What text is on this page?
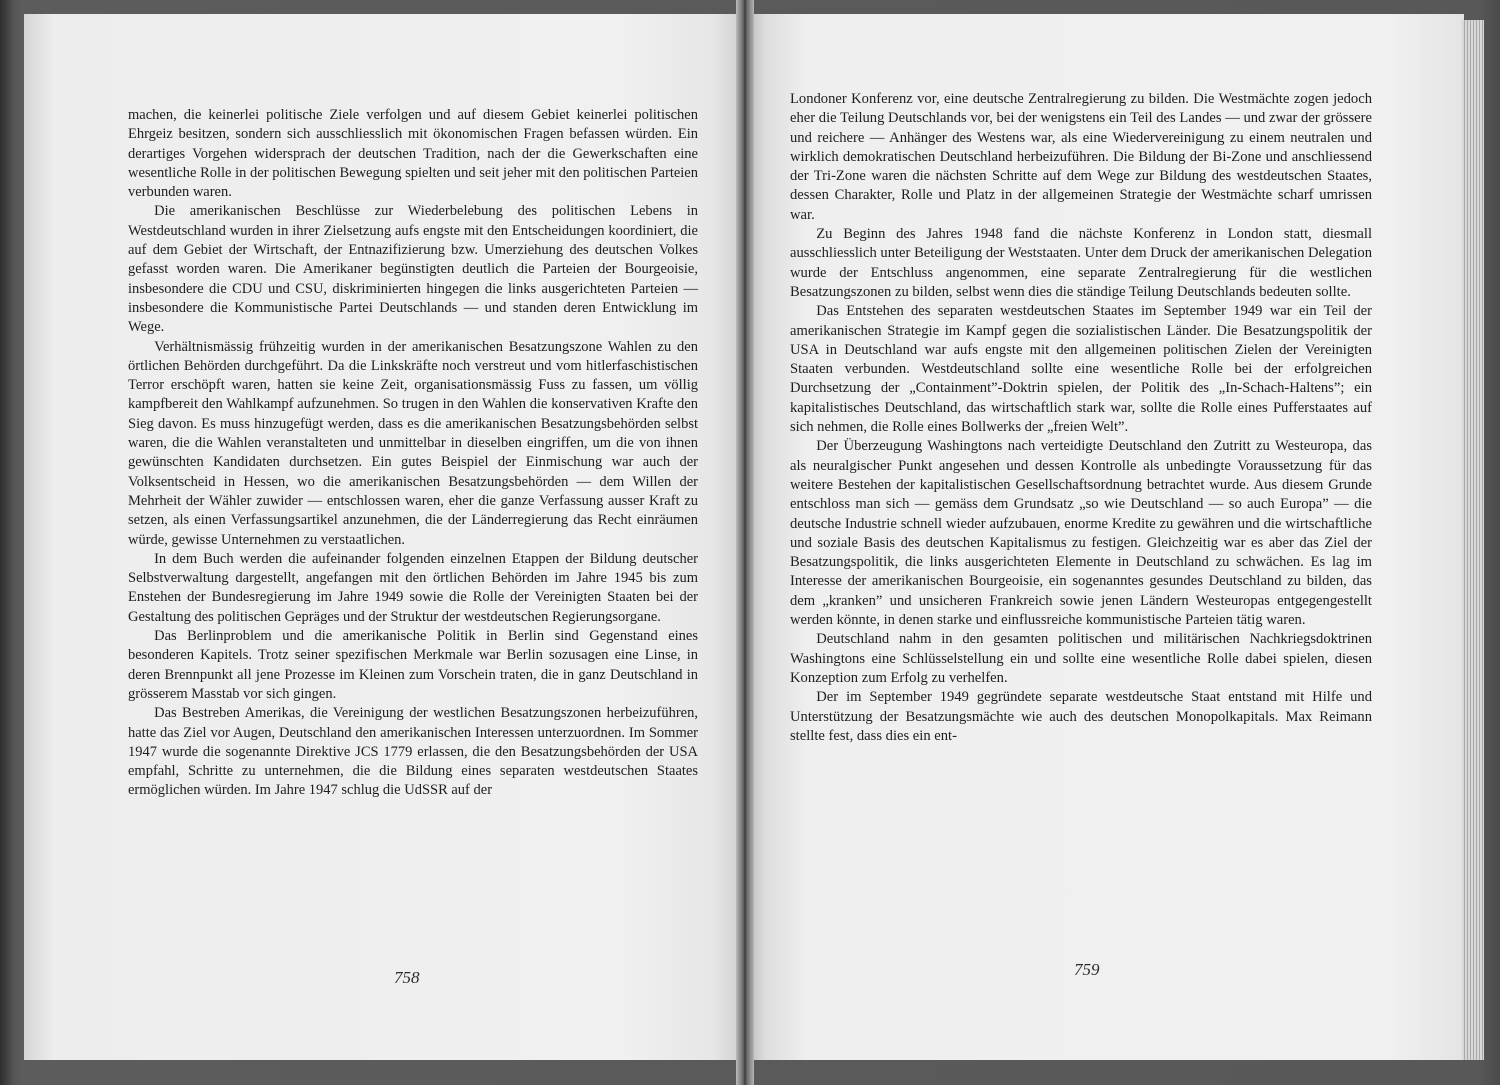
machen, die keinerlei politische Ziele verfolgen und auf diesem Gebiet keinerlei politischen Ehrgeiz besitzen, sondern sich ausschliesslich mit ökonomischen Fragen befassen würden. Ein derartiges Vorgehen widersprach der deutschen Tradition, nach der die Gewerkschaften eine wesentliche Rolle in der politischen Bewegung spielten und seit jeher mit den politischen Parteien verbunden waren.

Die amerikanischen Beschlüsse zur Wiederbelebung des politischen Lebens in Westdeutschland wurden in ihrer Zielsetzung aufs engste mit den Entscheidungen koordiniert, die auf dem Gebiet der Wirtschaft, der Entnazifizierung bzw. Umerziehung des deutschen Volkes gefasst worden waren. Die Amerikaner begünstigten deutlich die Parteien der Bourgeoisie, insbesondere die CDU und CSU, diskriminierten hingegen die links ausgerichteten Parteien — insbesondere die Kommunistische Partei Deutschlands — und standen deren Entwicklung im Wege.

Verhältnismässig frühzeitig wurden in der amerikanischen Besatzungszone Wahlen zu den örtlichen Behörden durchgeführt. Da die Linkskräfte noch verstreut und vom hitlerfaschistischen Terror erschöpft waren, hatten sie keine Zeit, organisationsmässig Fuss zu fassen, um völlig kampfbereit den Wahlkampf aufzunehmen. So trugen in den Wahlen die konservativen Krafte den Sieg davon. Es muss hinzugefügt werden, dass es die amerikanischen Besatzungsbehörden selbst waren, die die Wahlen veranstalteten und unmittelbar in dieselben eingriffen, um die von ihnen gewünschten Kandidaten durchsetzen. Ein gutes Beispiel der Einmischung war auch der Volksentscheid in Hessen, wo die amerikanischen Besatzungsbehörden — dem Willen der Mehrheit der Wähler zuwider — entschlossen waren, eher die ganze Verfassung ausser Kraft zu setzen, als einen Verfassungsartikel anzunehmen, die der Länderregierung das Recht einräumen würde, gewisse Unternehmen zu verstaatlichen.

In dem Buch werden die aufeinander folgenden einzelnen Etappen der Bildung deutscher Selbstverwaltung dargestellt, angefangen mit den örtlichen Behörden im Jahre 1945 bis zum Enstehen der Bundesregierung im Jahre 1949 sowie die Rolle der Vereinigten Staaten bei der Gestaltung des politischen Gepräges und der Struktur der westdeutschen Regierungsorgane.

Das Berlinproblem und die amerikanische Politik in Berlin sind Gegenstand eines besonderen Kapitels. Trotz seiner spezifischen Merkmale war Berlin sozusagen eine Linse, in deren Brennpunkt all jene Prozesse im Kleinen zum Vorschein traten, die in ganz Deutschland in grösserem Masstab vor sich gingen.

Das Bestreben Amerikas, die Vereinigung der westlichen Besatzungszonen herbeizuführen, hatte das Ziel vor Augen, Deutschland den amerikanischen Interessen unterzuordnen. Im Sommer 1947 wurde die sogenannte Direktive JCS 1779 erlassen, die den Besatzungsbehörden der USA empfahl, Schritte zu unternehmen, die die Bildung eines separaten westdeutschen Staates ermöglichen würden. Im Jahre 1947 schlug die UdSSR auf der

758

Londoner Konferenz vor, eine deutsche Zentralregierung zu bilden. Die Westmächte zogen jedoch eher die Teilung Deutschlands vor, bei der wenigstens ein Teil des Landes — und zwar der grössere und reichere — Anhänger des Westens war, als eine Wiedervereinigung zu einem neutralen und wirklich demokratischen Deutschland herbeizuführen. Die Bildung der Bi-Zone und anschliessend der Tri-Zone waren die nächsten Schritte auf dem Wege zur Bildung des westdeutschen Staates, dessen Charakter, Rolle und Platz in der allgemeinen Strategie der Westmächte scharf umrissen war.

Zu Beginn des Jahres 1948 fand die nächste Konferenz in London statt, diesmall ausschliesslich unter Beteiligung der Weststaaten. Unter dem Druck der amerikanischen Delegation wurde der Entschluss angenommen, eine separate Zentralregierung für die westlichen Besatzungszonen zu bilden, selbst wenn dies die ständige Teilung Deutschlands bedeuten sollte.

Das Entstehen des separaten westdeutschen Staates im September 1949 war ein Teil der amerikanischen Strategie im Kampf gegen die sozialistischen Länder. Die Besatzungspolitik der USA in Deutschland war aufs engste mit den allgemeinen politischen Zielen der Vereinigten Staaten verbunden. Westdeutschland sollte eine wesentliche Rolle bei der erfolgreichen Durchsetzung der „Containment”-Doktrin spielen, der Politik des „In-Schach-Haltens”; ein kapitalistisches Deutschland, das wirtschaftlich stark war, sollte die Rolle eines Pufferstaates auf sich nehmen, die Rolle eines Bollwerks der „freien Welt”.

Der Überzeugung Washingtons nach verteidigte Deutschland den Zutritt zu Westeuropa, das als neuralgischer Punkt angesehen und dessen Kontrolle als unbedingte Voraussetzung für das weitere Bestehen der kapitalistischen Gesellschaftsordnung betrachtet wurde. Aus diesem Grunde entschloss man sich — gemäss dem Grundsatz „so wie Deutschland — so auch Europa” — die deutsche Industrie schnell wieder aufzubauen, enorme Kredite zu gewähren und die wirtschaftliche und soziale Basis des deutschen Kapitalismus zu festigen. Gleichzeitig war es aber das Ziel der Besatzungspolitik, die links ausgerichteten Elemente in Deutschland zu schwächen. Es lag im Interesse der amerikanischen Bourgeoisie, ein sogenanntes gesundes Deutschland zu bilden, das dem „kranken” und unsicheren Frankreich sowie jenen Ländern Westeuropas entgegengestellt werden könnte, in denen starke und einflussreiche kommunistische Parteien tätig waren.

Deutschland nahm in den gesamten politischen und militärischen Nachkriegsdoktrinen Washingtons eine Schlüsselstellung ein und sollte eine wesentliche Rolle dabei spielen, diesen Konzeption zum Erfolg zu verhelfen.

Der im September 1949 gegründete separate westdeutsche Staat entstand mit Hilfe und Unterstützung der Besatzungsmächte wie auch des deutschen Monopolkapitals. Max Reimann stellte fest, dass dies ein ent-

759
